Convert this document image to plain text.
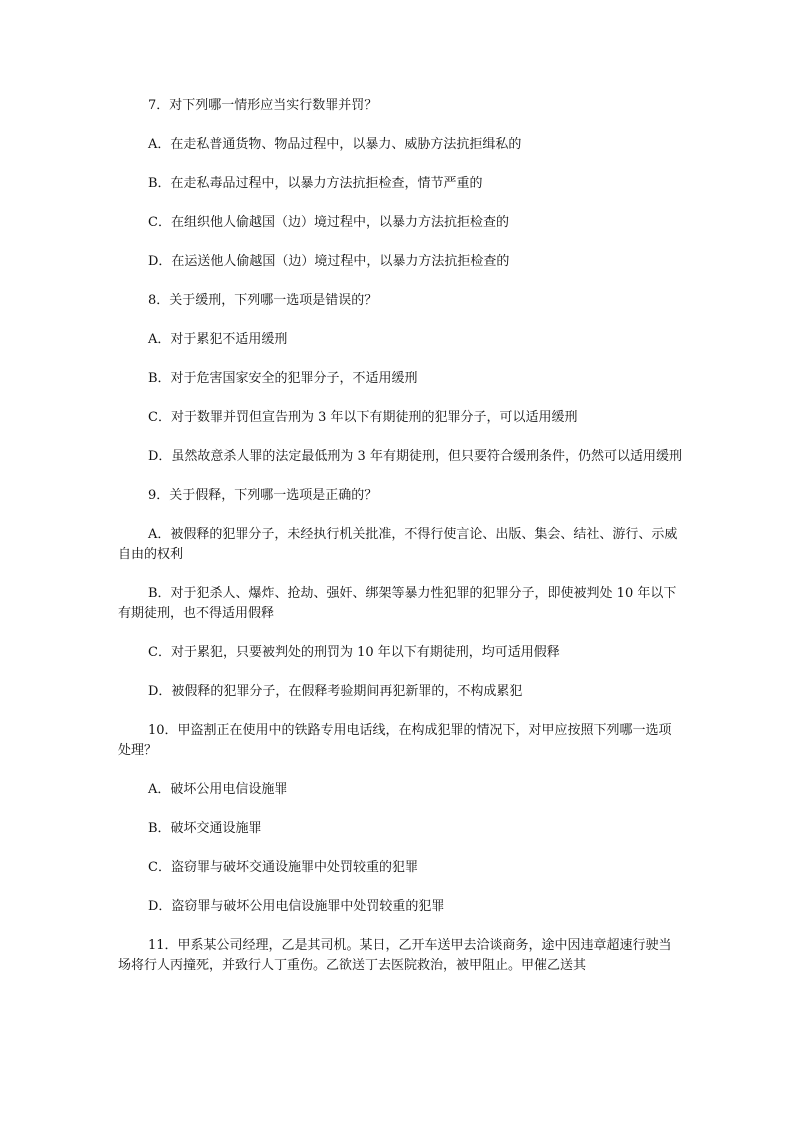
7．对下列哪一情形应当实行数罪并罚？

A．在走私普通货物、物品过程中，以暴力、威胁方法抗拒缉私的

B．在走私毒品过程中，以暴力方法抗拒检查，情节严重的

C．在组织他人偷越国（边）境过程中，以暴力方法抗拒检查的

D．在运送他人偷越国（边）境过程中，以暴力方法抗拒检查的

8．关于缓刑，下列哪一选项是错误的？

A．对于累犯不适用缓刑

B．对于危害国家安全的犯罪分子，不适用缓刑

C．对于数罪并罚但宣告刑为 3 年以下有期徒刑的犯罪分子，可以适用缓刑

D．虽然故意杀人罪的法定最低刑为 3 年有期徒刑，但只要符合缓刑条件，仍然可以适用缓刑

9．关于假释，下列哪一选项是正确的？

A．被假释的犯罪分子，未经执行机关批准，不得行使言论、出版、集会、结社、游行、示威自由的权利

B．对于犯杀人、爆炸、抢劫、强奸、绑架等暴力性犯罪的犯罪分子，即使被判处 10 年以下有期徒刑，也不得适用假释

C．对于累犯，只要被判处的刑罚为 10 年以下有期徒刑，均可适用假释

D．被假释的犯罪分子，在假释考验期间再犯新罪的，不构成累犯

10．甲盗割正在使用中的铁路专用电话线，在构成犯罪的情况下，对甲应按照下列哪一选项处理？

A．破坏公用电信设施罪

B．破坏交通设施罪

C．盗窃罪与破坏交通设施罪中处罚较重的犯罪

D．盗窃罪与破坏公用电信设施罪中处罚较重的犯罪

11．甲系某公司经理，乙是其司机。某日，乙开车送甲去洽谈商务，途中因违章超速行驶当场将行人丙撞死，并致行人丁重伤。乙欲送丁去医院救治，被甲阻止。甲催乙送其
